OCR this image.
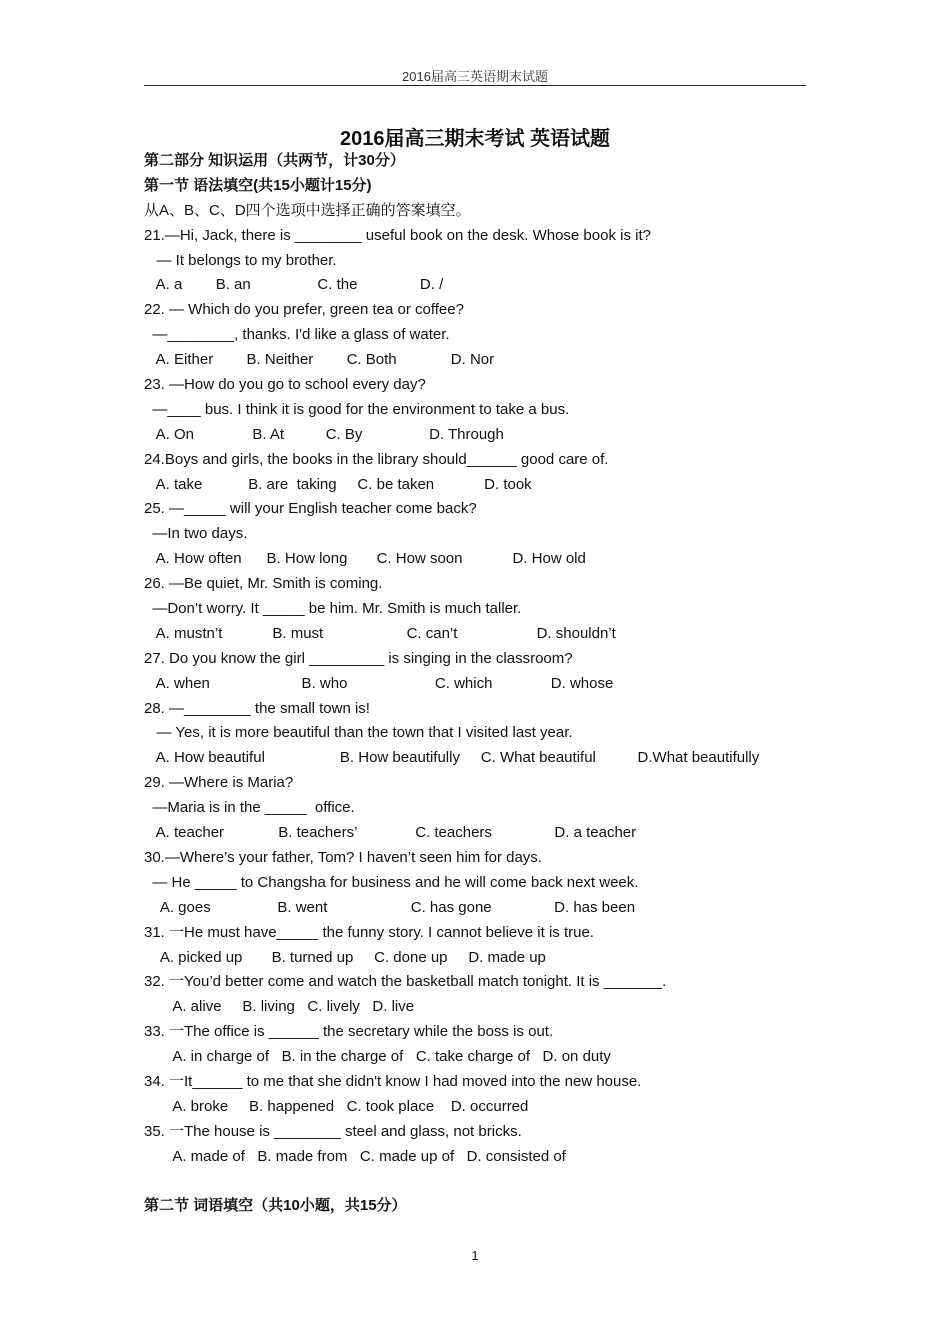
2016届高三英语期末试题
2016届高三期末考试 英语试题
第二部分 知识运用（共两节，计30分）
第一节 语法填空(共15小题计15分)
从A、B、C、D四个选项中选择正确的答案填空。
21.—Hi, Jack, there is ________ useful book on the desk. Whose book is it?
— It belongs to my brother.
A. a        B. an                C. the               D. /
22. — Which do you prefer, green tea or coffee?
—________, thanks. I'd like a glass of water.
A. Either        B. Neither        C. Both             D. Nor
23. —How do you go to school every day?
—____ bus. I think it is good for the environment to take a bus.
A. On              B. At          C. By                D. Through
24.Boys and girls, the books in the library should______ good care of.
A. take           B. are  taking     C. be taken            D. took
25. —_____ will your English teacher come back?
—In two days.
A. How often      B. How long       C. How soon            D. How old
26. —Be quiet, Mr. Smith is coming.
—Don’t worry. It _____ be him. Mr. Smith is much taller.
A. mustn’t            B. must                    C. can’t                   D. shouldn’t
27. Do you know the girl _________ is singing in the classroom?
A. when                      B. who                     C. which              D. whose
28. —________ the small town is!
— Yes, it is more beautiful than the town that I visited last year.
A. How beautiful                  B. How beautifully     C. What beautiful          D.What beautifully
29. —Where is Maria?
—Maria is in the _____  office.
A. teacher             B. teachers’              C. teachers               D. a teacher
30.—Where’s your father, Tom? I haven’t seen him for days.
— He _____ to Changsha for business and he will come back next week.
A. goes                B. went                    C. has gone               D. has been
31. 一He must have_____ the funny story. I cannot believe it is true.
A. picked up       B. turned up     C. done up     D. made up
32. 一You’d better come and watch the basketball match tonight. It is _______.
A. alive     B. living   C. lively   D. live
33. 一The office is ______ the secretary while the boss is out.
A. in charge of   B. in the charge of   C. take charge of   D. on duty
34. 一It______ to me that she didn't know I had moved into the new house.
A. broke     B. happened   C. took place    D. occurred
35. 一The house is ________ steel and glass, not bricks.
A. made of   B. made from   C. made up of   D. consisted of
第二节 词语填空（共10小题，共15分）
1
